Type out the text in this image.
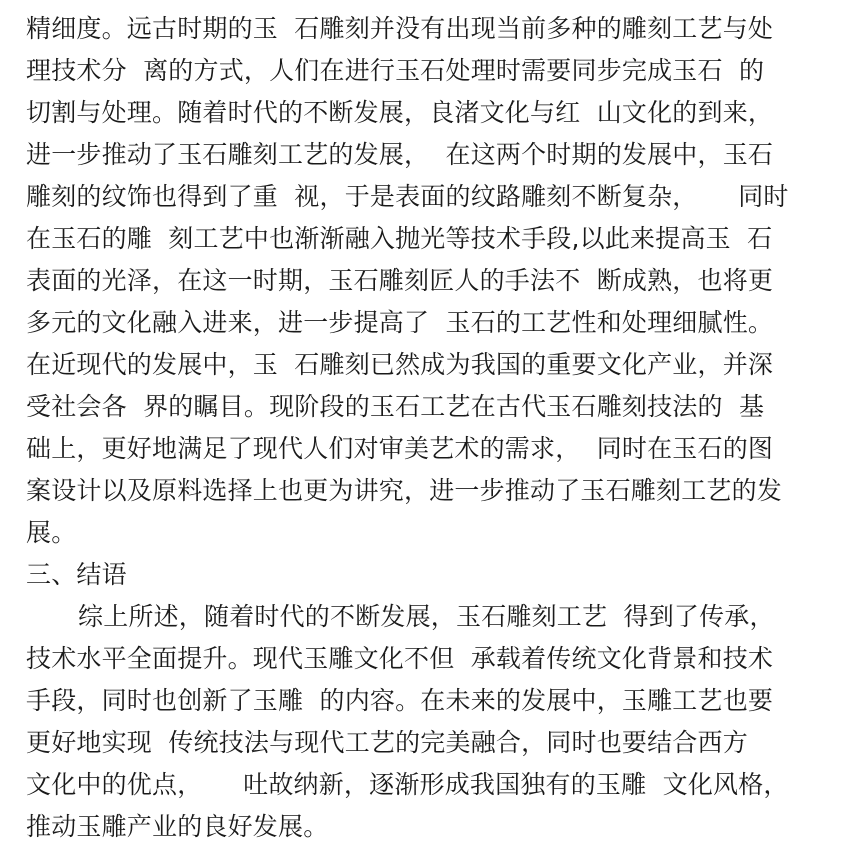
精细度。远古时期的玉  石雕刻并没有出现当前多种的雕刻工艺与处
理技术分  离的方式，人们在进行玉石处理时需要同步完成玉石  的
切割与处理。随着时代的不断发展，良渚文化与红  山文化的到来，
进一步推动了玉石雕刻工艺的发展，  在这两个时期的发展中，玉石
雕刻的纹饰也得到了重  视，于是表面的纹路雕刻不断复杂，     同时
在玉石的雕  刻工艺中也渐渐融入抛光等技术手段,以此来提高玉  石
表面的光泽，在这一时期，玉石雕刻匠人的手法不  断成熟，也将更
多元的文化融入进来，进一步提高了  玉石的工艺性和处理细腻性。
在近现代的发展中，玉  石雕刻已然成为我国的重要文化产业，并深
受社会各  界的瞩目。现阶段的玉石工艺在古代玉石雕刻技法的  基
础上，更好地满足了现代人们对审美艺术的需求，  同时在玉石的图
案设计以及原料选择上也更为讲究，进一步推动了玉石雕刻工艺的发
展。
三、结语
综上所述，随着时代的不断发展，玉石雕刻工艺  得到了传承，
技术水平全面提升。现代玉雕文化不但  承载着传统文化背景和技术
手段，同时也创新了玉雕  的内容。在未来的发展中，玉雕工艺也要
更好地实现  传统技法与现代工艺的完美融合，同时也要结合西方
文化中的优点，     吐故纳新，逐渐形成我国独有的玉雕  文化风格，
推动玉雕产业的良好发展。
